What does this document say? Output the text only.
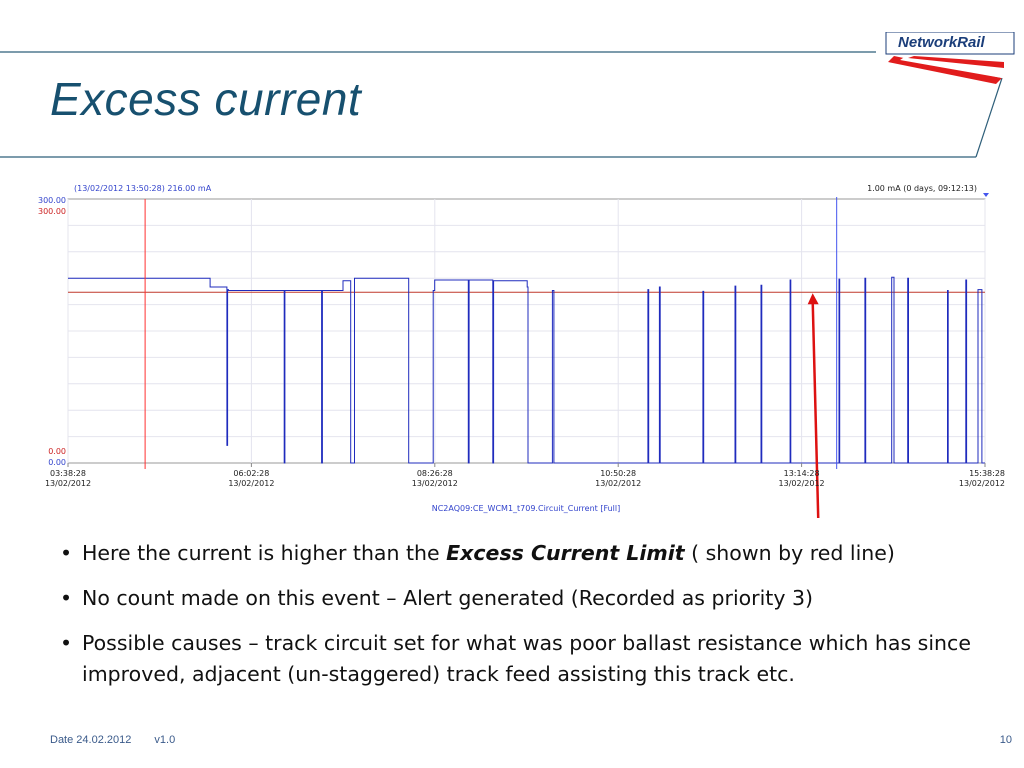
Excess current
NetworkRail
03:38:28
13/02/2012
06:02:28
13/02/2012
08:26:28
13/02/2012
10:50:28
13/02/2012
13:14:28
13/02/2012
15:38:28
13/02/2012
(13/02/2012 13:50:28) 216.00 mA	1.00 mA (0 days, 09:12:13)
300.00
300.00
0.00
0.00
NC2AQ09:CE_WCM1_t709.Circuit_Current [Full]
• Here the current is higher than the Excess Current Limit ( shown by red line)
• No count made on this event – Alert generated (Recorded as priority 3)
• Possible causes – track circuit set for what was poor ballast resistance which has since improved, adjacent (un-staggered) track feed assisting this track etc.
Date 24.02.2012 v1.0	10
